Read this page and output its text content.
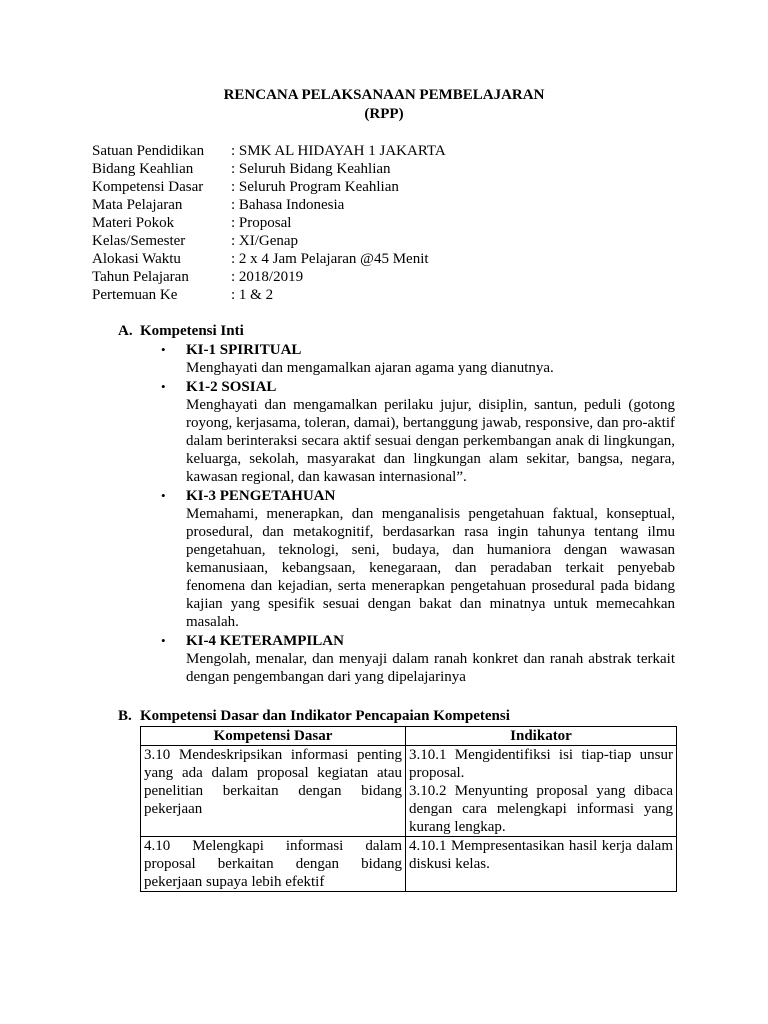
RENCANA PELAKSANAAN PEMBELAJARAN
(RPP)
Satuan Pendidikan	: SMK AL HIDAYAH 1 JAKARTA
Bidang Keahlian	: Seluruh Bidang Keahlian
Kompetensi Dasar	: Seluruh Program Keahlian
Mata Pelajaran	: Bahasa Indonesia
Materi Pokok	: Proposal
Kelas/Semester	: XI/Genap
Alokasi Waktu	: 2 x 4 Jam Pelajaran @45 Menit
Tahun Pelajaran	: 2018/2019
Pertemuan Ke	: 1 & 2
A. Kompetensi Inti
• KI-1 SPIRITUAL
Menghayati dan mengamalkan ajaran agama yang dianutnya.
• K1-2 SOSIAL
Menghayati dan mengamalkan perilaku jujur, disiplin, santun, peduli (gotong royong, kerjasama, toleran, damai), bertanggung jawab, responsive, dan pro-aktif dalam berinteraksi secara aktif sesuai dengan perkembangan anak di lingkungan, keluarga, sekolah, masyarakat dan lingkungan alam sekitar, bangsa, negara, kawasan regional, dan kawasan internasional”.
• KI-3 PENGETAHUAN
Memahami, menerapkan, dan menganalisis pengetahuan faktual, konseptual, prosedural, dan metakognitif, berdasarkan rasa ingin tahunya tentang ilmu pengetahuan, teknologi, seni, budaya, dan humaniora dengan wawasan kemanusiaan, kebangsaan, kenegaraan, dan peradaban terkait penyebab fenomena dan kejadian, serta menerapkan pengetahuan prosedural pada bidang kajian yang spesifik sesuai dengan bakat dan minatnya untuk memecahkan masalah.
• KI-4 KETERAMPILAN
Mengolah, menalar, dan menyaji dalam ranah konkret dan ranah abstrak terkait dengan pengembangan dari yang dipelajarinya
B. Kompetensi Dasar dan Indikator Pencapaian Kompetensi
Kompetensi Dasar	Indikator

3.10 Mendeskripsikan informasi penting yang ada dalam proposal kegiatan atau penelitian berkaitan dengan bidang pekerjaan	3.10.1 Mengidentifiksi isi tiap-tiap unsur proposal.
3.10.2 Menyunting proposal yang dibaca dengan cara melengkapi informasi yang kurang lengkap.

4.10 Melengkapi informasi dalam proposal berkaitan dengan bidang pekerjaan supaya lebih efektif	4.10.1 Mempresentasikan hasil kerja dalam diskusi kelas.
